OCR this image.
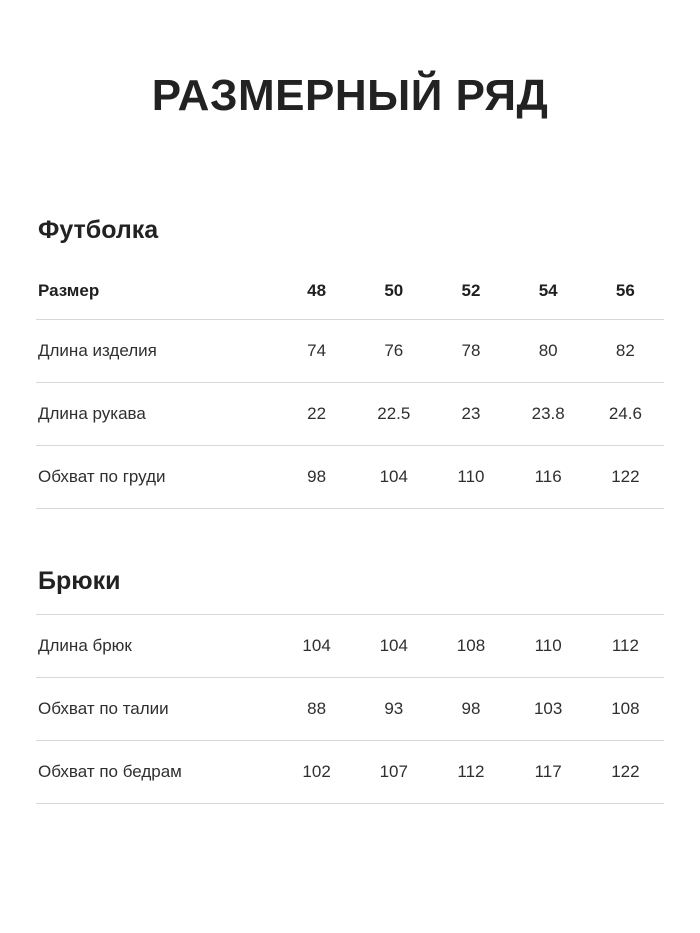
РАЗМЕРНЫЙ РЯД
Футболка
Размер	48	50	52	54	56
Длина изделия	74	76	78	80	82
Длина рукава	22	22.5	23	23.8	24.6
Обхват по груди	98	104	110	116	122
Брюки
Длина брюк	104	104	108	110	112
Обхват по талии	88	93	98	103	108
Обхват по бедрам	102	107	112	117	122
